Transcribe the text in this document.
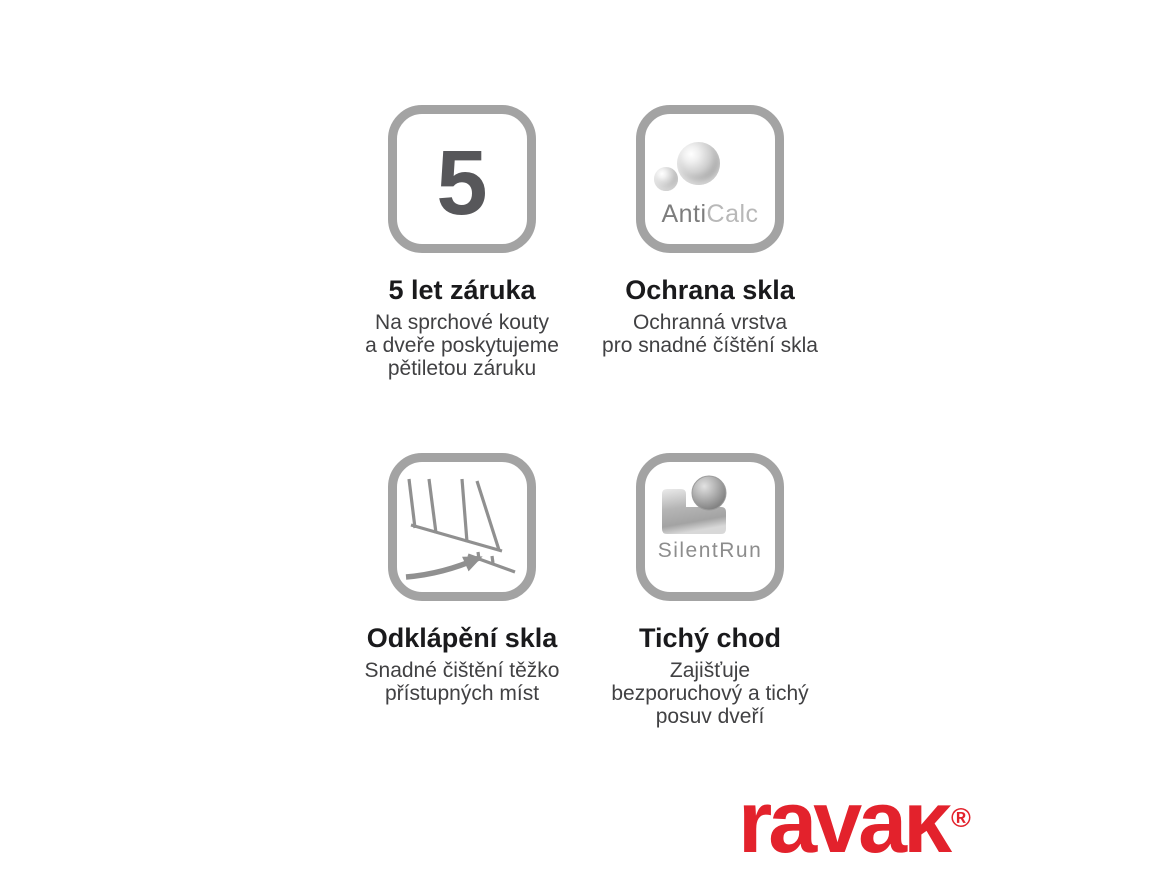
5
5 let záruka

Na sprchové kouty
a dveře poskytujeme
pětiletou záruku

AntiCalc
Ochrana skla

Ochranná vrstva
pro snadné číštění skla

Odklápění skla

Snadné čištění těžko
přístupných míst

SilentRun
Tichý chod

Zajišťuje
bezporuchový a tichý
posuv dveří

ravaĸ ®
